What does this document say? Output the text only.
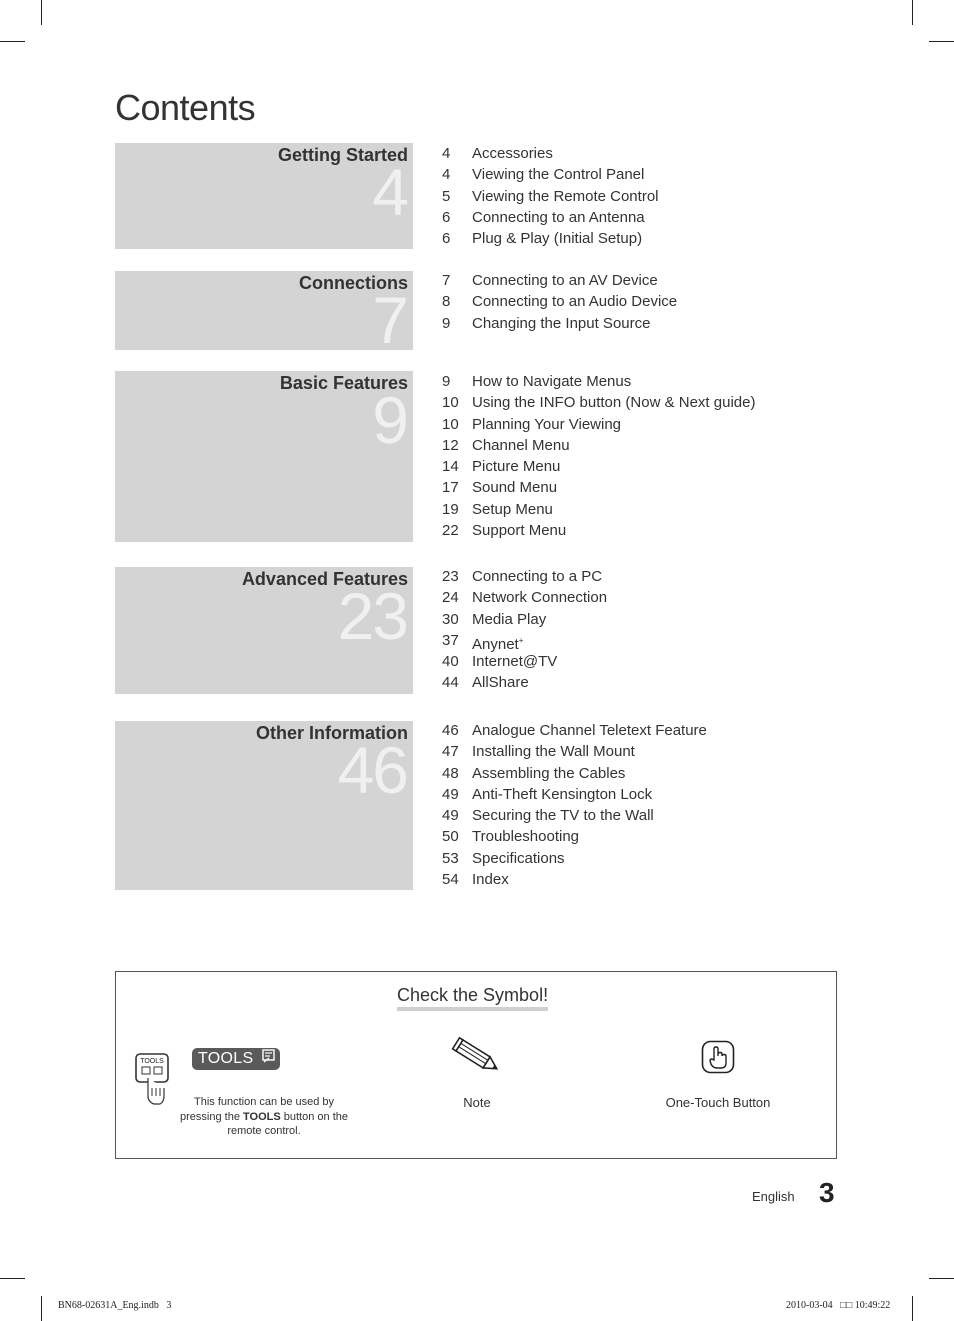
Contents
Getting Started
4
4	Accessories
4	Viewing the Control Panel
5	Viewing the Remote Control
6	Connecting to an Antenna
6	Plug & Play (Initial Setup)
Connections
7
7	Connecting to an AV Device
8	Connecting to an Audio Device
9	Changing the Input Source
Basic Features
9
9	How to Navigate Menus
10 Using the INFO button (Now & Next guide)
10 Planning Your Viewing
12 Channel Menu
14 Picture Menu
17 Sound Menu
19 Setup Menu
22 Support Menu
Advanced Features
23
23 Connecting to a PC
24 Network Connection
30 Media Play
37 Anynet+
40 Internet@TV
44 AllShare
Other Information
46
46 Analogue Channel Teletext Feature
47 Installing the Wall Mount
48 Assembling the Cables
49 Anti-Theft Kensington Lock
49 Securing the TV to the Wall
50 Troubleshooting
53 Specifications
54 Index
Check the Symbol!
TOOLS	TOOLS
This function can be used by pressing the TOOLS button on the remote control.
Note	One-Touch Button
English 3
BN68-02631A_Eng.indb   3	2010-03-04   □□ 10:49:22
